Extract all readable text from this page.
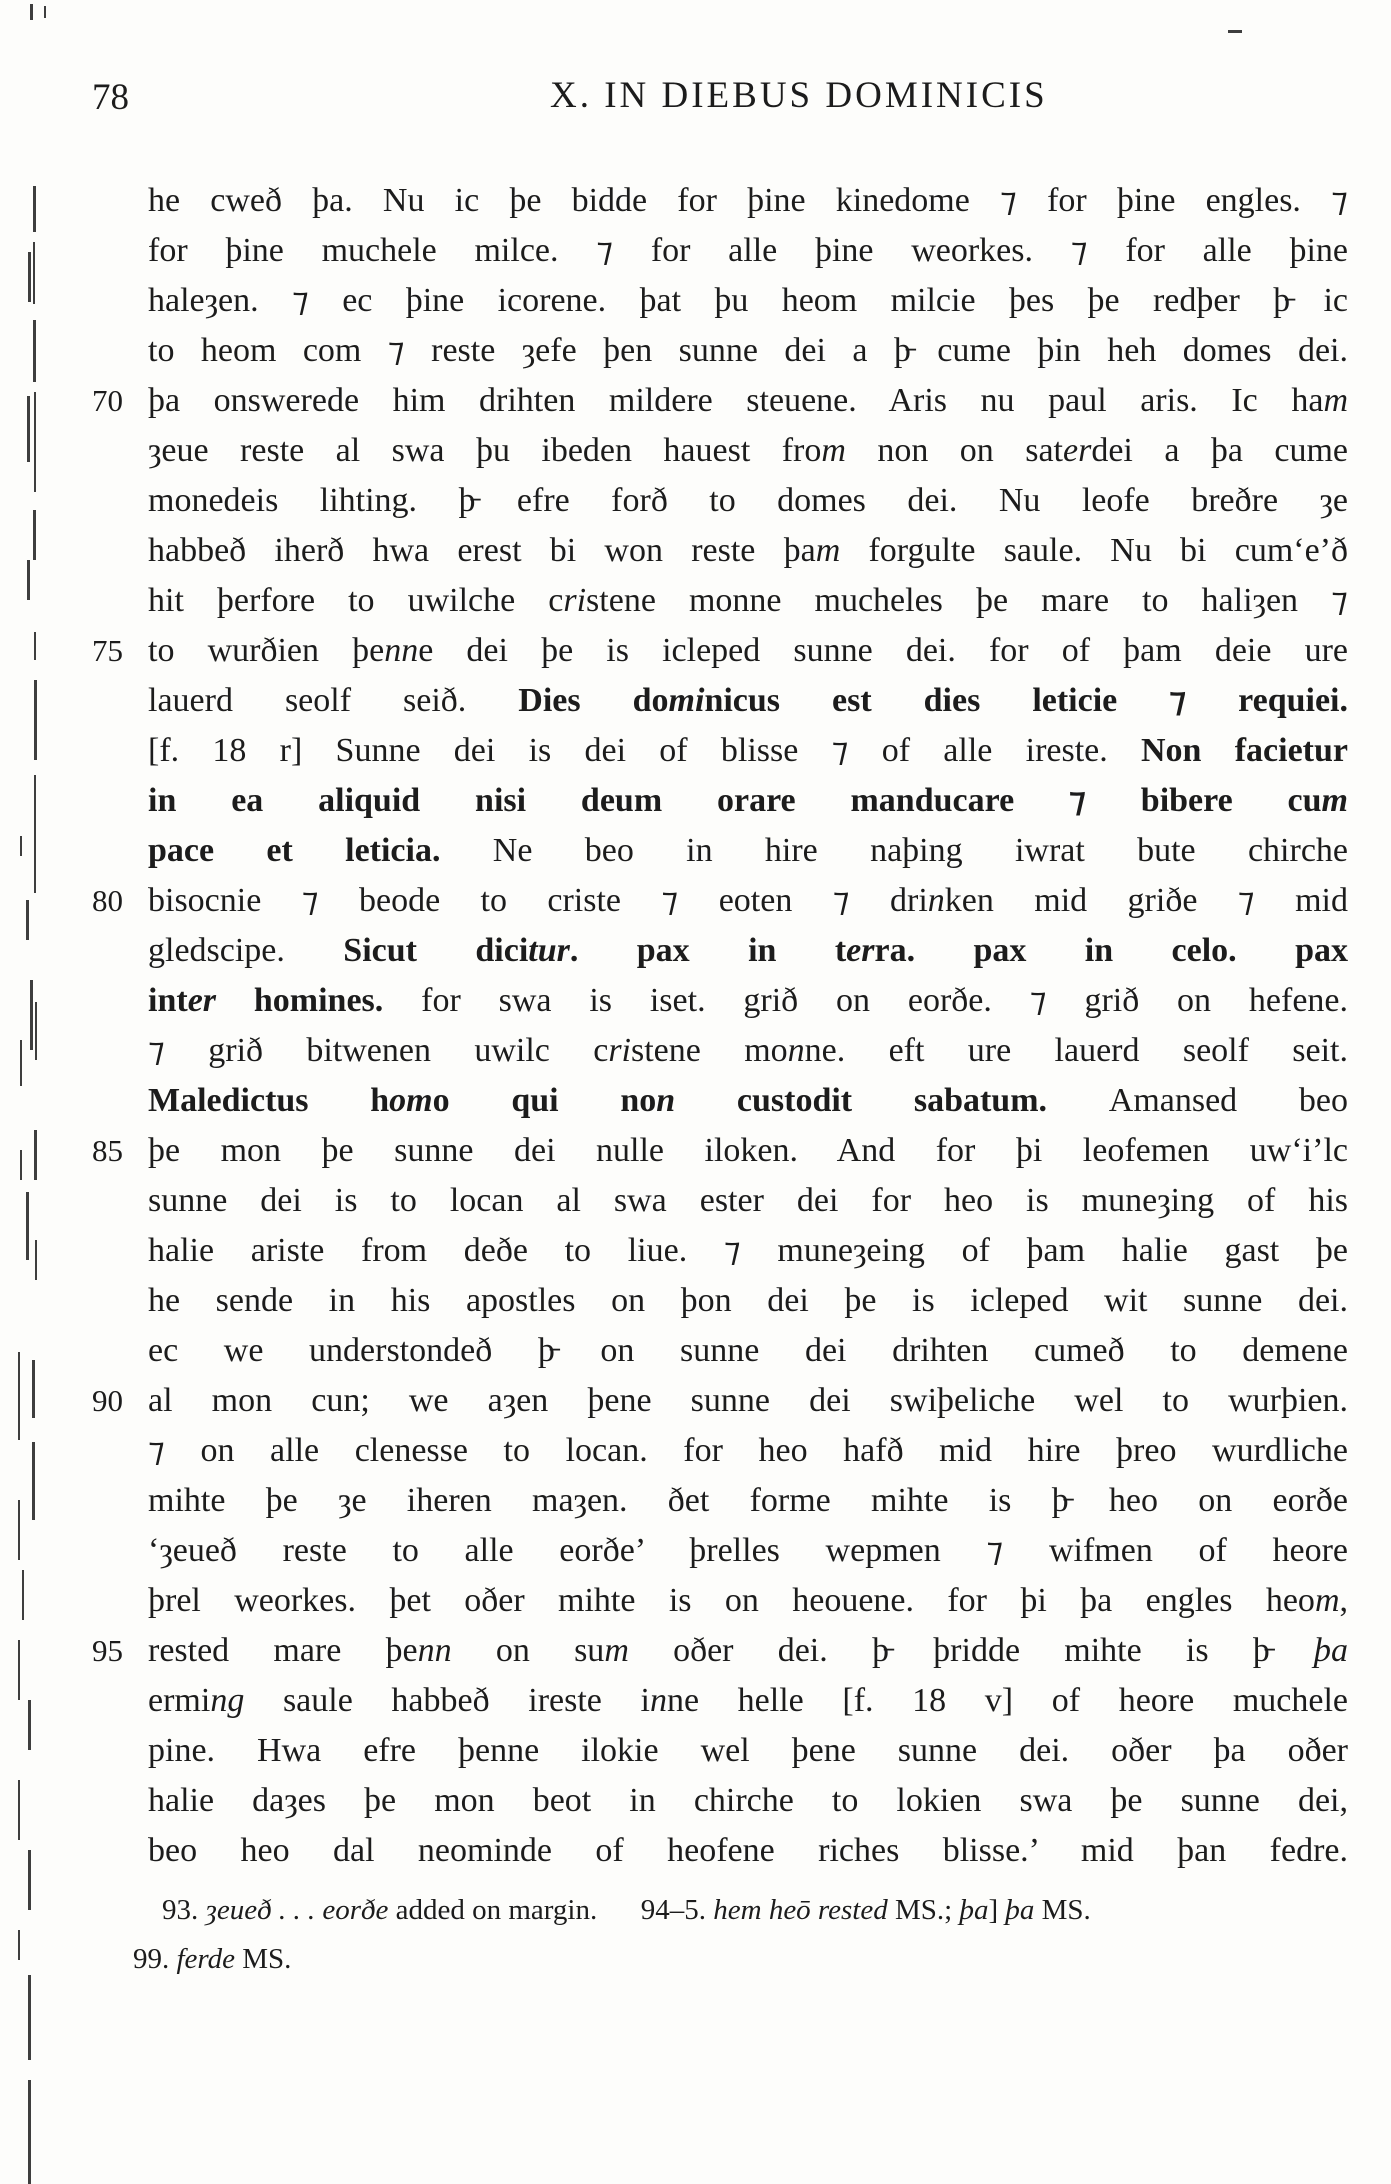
78	X. IN DIEBUS DOMINICIS
he cweð þa. Nu ic þe bidde for þine kinedome ⁊ for þine engles. ⁊
for þine muchele milce. ⁊ for alle þine weorkes. ⁊ for alle þine
haleȝen. ⁊ ec þine icorene. þat þu heom milcie þes þe redþer þ̵ ic
to heom com ⁊ reste ȝefe þen sunne dei a þ̵ cume þin heh domes dei.
70 þa onswerede him drihten mildere steuene. Aris nu paul aris. Ic ham
ȝeue reste al swa þu ibeden hauest from non on saterdei a þa cume
monedeis lihting. þ̵ efre forð to domes dei. Nu leofe breðre ȝe
habbeð iherð hwa erest bi won reste þam forgulte saule. Nu bi cum‘e’ð
hit þerfore to uwilche cristene monne mucheles þe mare to haliȝen ⁊
75 to wurðien þenne dei þe is icleped sunne dei. for of þam deie ure
lauerd seolf seið. Dies dominicus est dies leticie ⁊ requiei.
[f. 18 r] Sunne dei is dei of blisse ⁊ of alle ireste. Non facietur
in ea aliquid nisi deum orare manducare ⁊ bibere cum
pace et leticia. Ne beo in hire naþing iwrat bute chirche
80 bisocnie ⁊ beode to criste ⁊ eoten ⁊ drinken mid griðe ⁊ mid
gledscipe. Sicut dicitur. pax in terra. pax in celo. pax
inter homines. for swa is iset. grið on eorðe. ⁊ grið on hefene.
⁊ grið bitwenen uwilc cristene monne. eft ure lauerd seolf seit.
Maledictus homo qui non custodit sabatum. Amansed beo
85 þe mon þe sunne dei nulle iloken. And for þi leofemen uw‘i’lc
sunne dei is to locan al swa ester dei for heo is muneȝing of his
halie ariste from deðe to liue. ⁊ muneȝeing of þam halie gast þe
he sende in his apostles on þon dei þe is icleped wit sunne dei.
ec we understondeð þ̵ on sunne dei drihten cumeð to demene
90 al mon cun; we aȝen þene sunne dei swiþeliche wel to wurþien.
⁊ on alle clenesse to locan. for heo hafð mid hire þreo wurdliche
mihte þe ȝe iheren maȝen. ðet forme mihte is þ̵ heo on eorðe
‘ȝeueð reste to alle eorðe’ þrelles wepmen ⁊ wifmen of heore
þrel weorkes. þet oðer mihte is on heouene. for þi þa engles heom,
95 rested mare þenn on sum oðer dei. þ̵ þridde mihte is þ̵ þa
erming saule habbeð ireste inne helle [f. 18 v] of heore muchele
pine. Hwa efre þenne ilokie wel þene sunne dei. oðer þa oðer
halie daȝes þe mon beot in chirche to lokien swa þe sunne dei,
beo heo dal neominde of heofene riches blisse.’ mid þan fedre.
93. ȝeueð . . . eorðe added on margin.      94–5. hem heō rested MS.; þa] þa MS.
99. ferde MS.
